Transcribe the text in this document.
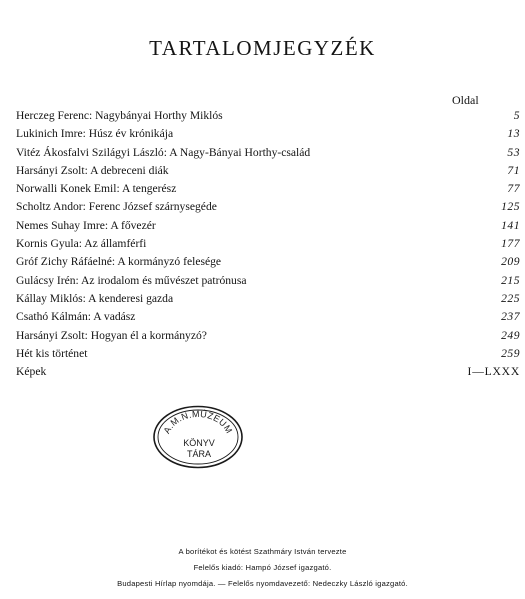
TARTALOMJEGYZÉK
Oldal
Herczeg Ferenc: Nagybányai Horthy Miklós	5
Lukinich Imre: Húsz év krónikája	13
Vitéz Ákosfalvi Szilágyi László: A Nagy-Bányai Horthy-család	53
Harsányi Zsolt: A debreceni diák	71
Norwalli Konek Emil: A tengerész	77
Scholtz Andor: Ferenc József szárnysegéde	125
Nemes Suhay Imre: A fővezér	141
Kornis Gyula: Az államférfi	177
Gróf Zichy Ráfáelné: A kormányzó felesége	209
Gulácsy Irén: Az irodalom és művészet patrónusa	215
Kállay Miklós: A kenderesi gazda	225
Csathó Kálmán: A vadász	237
Harsányi Zsolt: Hogyan él a kormányzó?	249
Hét kis történet	259
Képek	I—LXXX
A.M.N.MÚZEUM
KÖNYV
TÁRA
A borítékot és kötést Szathmáry István tervezte
Felelős kiadó: Hampó József igazgató.
Budapesti Hírlap nyomdája. — Felelős nyomdavezető: Nedeczky László igazgató.
